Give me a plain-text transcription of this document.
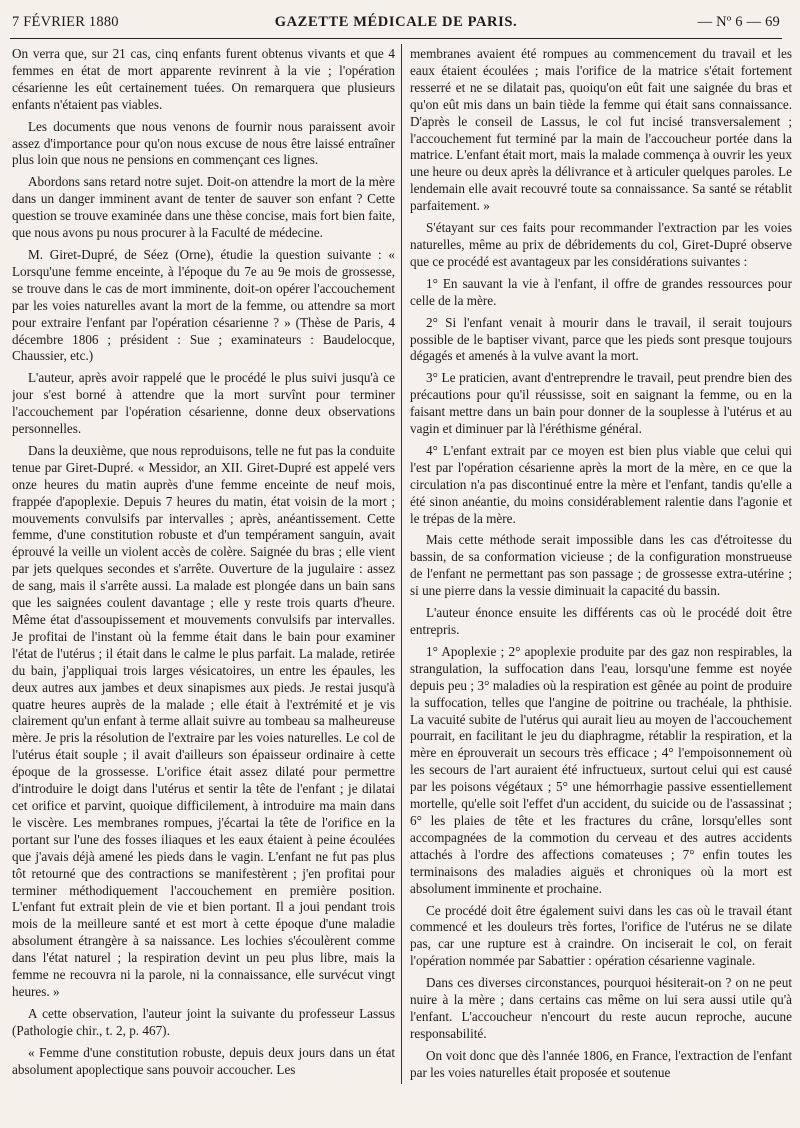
7 FÉVRIER 1880	GAZETTE MÉDICALE DE PARIS.	— Nº 6 — 69

On verra que, sur 21 cas, cinq enfants furent obtenus vivants et que 4 femmes en état de mort apparente revinrent à la vie ; l'opération césarienne les eût certainement tuées. On remarquera que plusieurs enfants n'étaient pas viables.

Les documents que nous venons de fournir nous paraissent avoir assez d'importance pour qu'on nous excuse de nous être laissé entraîner plus loin que nous ne pensions en commençant ces lignes.

Abordons sans retard notre sujet. Doit-on attendre la mort de la mère dans un danger imminent avant de tenter de sauver son enfant ? Cette question se trouve examinée dans une thèse concise, mais fort bien faite, que nous avons pu nous procurer à la Faculté de médecine.

M. Giret-Dupré, de Séez (Orne), étudie la question suivante : « Lorsqu'une femme enceinte, à l'époque du 7e au 9e mois de grossesse, se trouve dans le cas de mort imminente, doit-on opérer l'accouchement par les voies naturelles avant la mort de la femme, ou attendre sa mort pour extraire l'enfant par l'opération césarienne ? » (Thèse de Paris, 4 décembre 1806 ; président : Sue ; examinateurs : Baudelocque, Chaussier, etc.)

L'auteur, après avoir rappelé que le procédé le plus suivi jusqu'à ce jour s'est borné à attendre que la mort survînt pour terminer l'accouchement par l'opération césarienne, donne deux observations personnelles.

Dans la deuxième, que nous reproduisons, telle ne fut pas la conduite tenue par Giret-Dupré. « Messidor, an XII. Giret-Dupré est appelé vers onze heures du matin auprès d'une femme enceinte de neuf mois, frappée d'apoplexie. Depuis 7 heures du matin, état voisin de la mort ; mouvements convulsifs par intervalles ; après, anéantissement. Cette femme, d'une constitution robuste et d'un tempérament sanguin, avait éprouvé la veille un violent accès de colère. Saignée du bras ; elle vient par jets quelques secondes et s'arrête. Ouverture de la jugulaire : assez de sang, mais il s'arrête aussi. La malade est plongée dans un bain sans que les saignées coulent davantage ; elle y reste trois quarts d'heure. Même état d'assoupissement et mouvements convulsifs par intervalles. Je profitai de l'instant où la femme était dans le bain pour examiner l'état de l'utérus ; il était dans le calme le plus parfait. La malade, retirée du bain, j'appliquai trois larges vésicatoires, un entre les épaules, les deux autres aux jambes et deux sinapismes aux pieds. Je restai jusqu'à quatre heures auprès de la malade ; elle était à l'extrémité et je vis clairement qu'un enfant à terme allait suivre au tombeau sa malheureuse mère. Je pris la résolution de l'extraire par les voies naturelles. Le col de l'utérus était souple ; il avait d'ailleurs son épaisseur ordinaire à cette époque de la grossesse. L'orifice était assez dilaté pour permettre d'introduire le doigt dans l'utérus et sentir la tête de l'enfant ; je dilatai cet orifice et parvint, quoique difficilement, à introduire ma main dans le viscère. Les membranes rompues, j'écartai la tête de l'orifice en la portant sur l'une des fosses iliaques et les eaux étaient à peine écoulées que j'avais déjà amené les pieds dans le vagin. L'enfant ne fut pas plus tôt retourné que des contractions se manifestèrent ; j'en profitai pour terminer méthodiquement l'accouchement en première position. L'enfant fut extrait plein de vie et bien portant. Il a joui pendant trois mois de la meilleure santé et est mort à cette époque d'une maladie absolument étrangère à sa naissance. Les lochies s'écoulèrent comme dans l'état naturel ; la respiration devint un peu plus libre, mais la femme ne recouvra ni la parole, ni la connaissance, elle survécut vingt heures. »

A cette observation, l'auteur joint la suivante du professeur Lassus (Pathologie chir., t. 2, p. 467).

« Femme d'une constitution robuste, depuis deux jours dans un état absolument apoplectique sans pouvoir accoucher. Les

membranes avaient été rompues au commencement du travail et les eaux étaient écoulées ; mais l'orifice de la matrice s'était fortement resserré et ne se dilatait pas, quoiqu'on eût fait une saignée du bras et qu'on eût mis dans un bain tiède la femme qui était sans connaissance. D'après le conseil de Lassus, le col fut incisé transversalement ; l'accouchement fut terminé par la main de l'accoucheur portée dans la matrice. L'enfant était mort, mais la malade commença à ouvrir les yeux une heure ou deux après la délivrance et à articuler quelques paroles. Le lendemain elle avait recouvré toute sa connaissance. Sa santé se rétablit parfaitement. »

S'étayant sur ces faits pour recommander l'extraction par les voies naturelles, même au prix de débridements du col, Giret-Dupré observe que ce procédé est avantageux par les considérations suivantes :

1° En sauvant la vie à l'enfant, il offre de grandes ressources pour celle de la mère.

2° Si l'enfant venait à mourir dans le travail, il serait toujours possible de le baptiser vivant, parce que les pieds sont presque toujours dégagés et amenés à la vulve avant la mort.

3° Le praticien, avant d'entreprendre le travail, peut prendre bien des précautions pour qu'il réussisse, soit en saignant la femme, ou en la faisant mettre dans un bain pour donner de la souplesse à l'utérus et au vagin et diminuer par là l'éréthisme général.

4° L'enfant extrait par ce moyen est bien plus viable que celui qui l'est par l'opération césarienne après la mort de la mère, en ce que la circulation n'a pas discontinué entre la mère et l'enfant, tandis qu'elle a été sinon anéantie, du moins considérablement ralentie dans l'agonie et le trépas de la mère.

Mais cette méthode serait impossible dans les cas d'étroitesse du bassin, de sa conformation vicieuse ; de la configuration monstrueuse de l'enfant ne permettant pas son passage ; de grossesse extra-utérine ; si une pierre dans la vessie diminuait la capacité du bassin.

L'auteur énonce ensuite les différents cas où le procédé doit être entrepris.

1° Apoplexie ; 2° apoplexie produite par des gaz non respirables, la strangulation, la suffocation dans l'eau, lorsqu'une femme est noyée depuis peu ; 3° maladies où la respiration est gênée au point de produire la suffocation, telles que l'angine de poitrine ou trachéale, la phthisie. La vacuité subite de l'utérus qui aurait lieu au moyen de l'accouchement pourrait, en facilitant le jeu du diaphragme, rétablir la respiration, et la mère en éprouverait un secours très efficace ; 4° l'empoisonnement où les secours de l'art auraient été infructueux, surtout celui qui est causé par les poisons végétaux ; 5° une hémorrhagie passive essentiellement mortelle, qu'elle soit l'effet d'un accident, du suicide ou de l'assassinat ; 6° les plaies de tête et les fractures du crâne, lorsqu'elles sont accompagnées de la commotion du cerveau et des autres accidents attachés à l'ordre des affections comateuses ; 7° enfin toutes les terminaisons des maladies aiguës et chroniques où la mort est absolument imminente et prochaine.

Ce procédé doit être également suivi dans les cas où le travail étant commencé et les douleurs très fortes, l'orifice de l'utérus ne se dilate pas, car une rupture est à craindre. On inciserait le col, on ferait l'opération nommée par Sabattier : opération césarienne vaginale.

Dans ces diverses circonstances, pourquoi hésiterait-on ? on ne peut nuire à la mère ; dans certains cas même on lui sera aussi utile qu'à l'enfant. L'accoucheur n'encourt du reste aucun reproche, aucune responsabilité.

On voit donc que dès l'année 1806, en France, l'extraction de l'enfant par les voies naturelles était proposée et soutenue
